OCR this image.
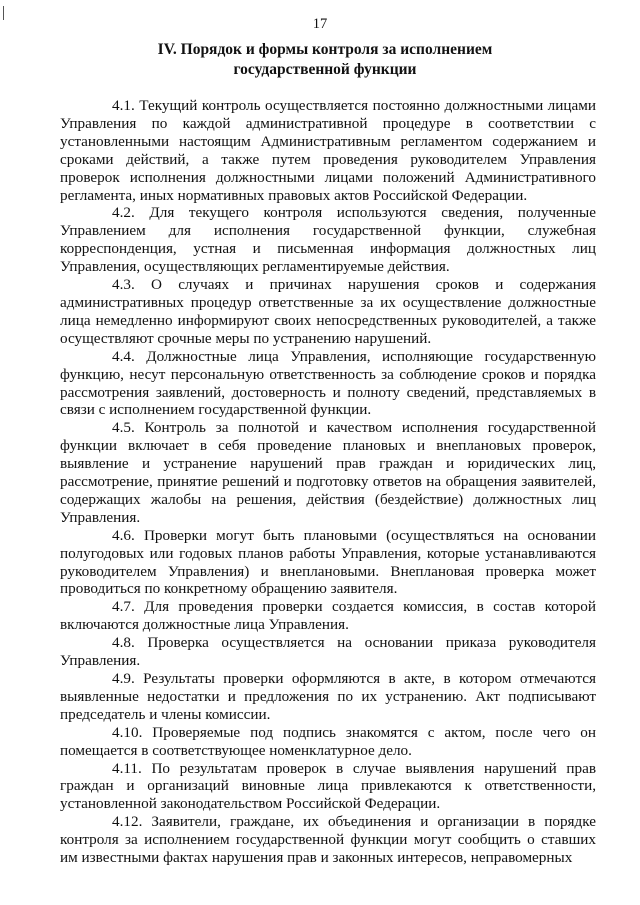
17
IV. Порядок и формы контроля за исполнением
государственной функции

4.1. Текущий контроль осуществляется постоянно должностными лицами Управления по каждой административной процедуре в соответствии с установленными настоящим Административным регламентом содержанием и сроками действий, а также путем проведения руководителем Управления проверок исполнения должностными лицами положений Административного регламента, иных нормативных правовых актов Российской Федерации.

4.2. Для текущего контроля используются сведения, полученные Управлением для исполнения государственной функции, служебная корреспонденция, устная и письменная информация должностных лиц Управления, осуществляющих регламентируемые действия.

4.3. О случаях и причинах нарушения сроков и содержания административных процедур ответственные за их осуществление должностные лица немедленно информируют своих непосредственных руководителей, а также осуществляют срочные меры по устранению нарушений.

4.4. Должностные лица Управления, исполняющие государственную функцию, несут персональную ответственность за соблюдение сроков и порядка рассмотрения заявлений, достоверность и полноту сведений, представляемых в связи с исполнением государственной функции.

4.5. Контроль за полнотой и качеством исполнения государственной функции включает в себя проведение плановых и внеплановых проверок, выявление и устранение нарушений прав граждан и юридических лиц, рассмотрение, принятие решений и подготовку ответов на обращения заявителей, содержащих жалобы на решения, действия (бездействие) должностных лиц Управления.

4.6. Проверки могут быть плановыми (осуществляться на основании полугодовых или годовых планов работы Управления, которые устанавливаются руководителем Управления) и внеплановыми. Внеплановая проверка может проводиться по конкретному обращению заявителя.

4.7. Для проведения проверки создается комиссия, в состав которой включаются должностные лица Управления.

4.8. Проверка осуществляется на основании приказа руководителя Управления.

4.9. Результаты проверки оформляются в акте, в котором отмечаются выявленные недостатки и предложения по их устранению. Акт подписывают председатель и члены комиссии.

4.10. Проверяемые под подпись знакомятся с актом, после чего он помещается в соответствующее номенклатурное дело.

4.11. По результатам проверок в случае выявления нарушений прав граждан и организаций виновные лица привлекаются к ответственности, установленной законодательством Российской Федерации.

4.12. Заявители, граждане, их объединения и организации в порядке контроля за исполнением государственной функции могут сообщить о ставших им известными фактах нарушения прав и законных интересов, неправомерных
